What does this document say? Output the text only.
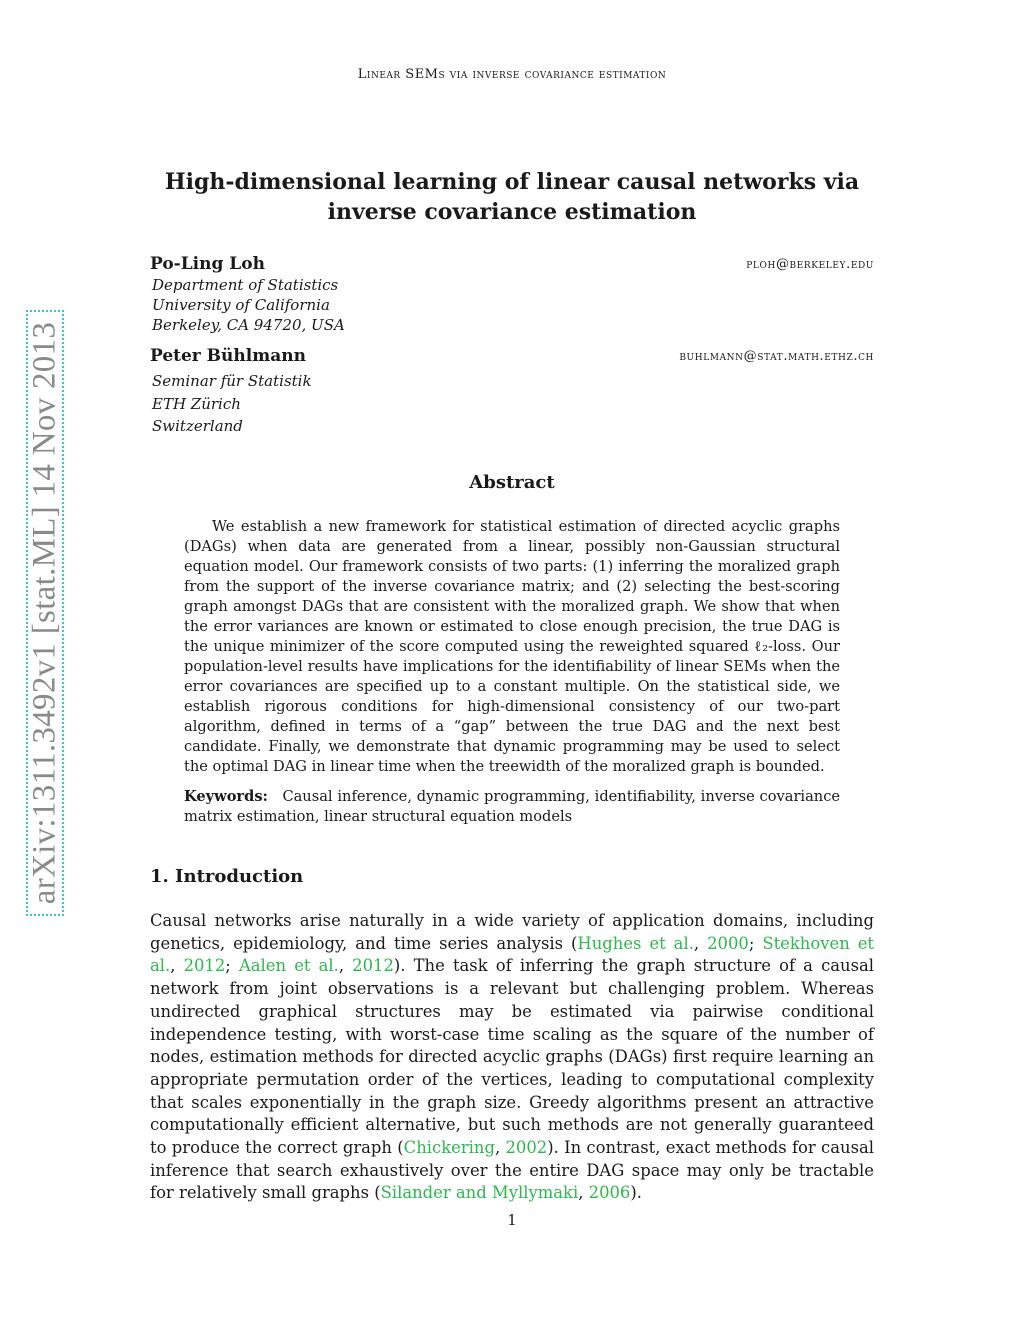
Linear SEMs via inverse covariance estimation
High-dimensional learning of linear causal networks via
inverse covariance estimation
Po-Ling Loh	ploh@berkeley.edu
Department of Statistics
University of California
Berkeley, CA 94720, USA
Peter Bühlmann	buhlmann@stat.math.ethz.ch
Seminar für Statistik
ETH Zürich
Switzerland
Abstract
We establish a new framework for statistical estimation of directed acyclic graphs (DAGs) when data are generated from a linear, possibly non-Gaussian structural equation model. Our framework consists of two parts: (1) inferring the moralized graph from the support of the inverse covariance matrix; and (2) selecting the best-scoring graph amongst DAGs that are consistent with the moralized graph. We show that when the error variances are known or estimated to close enough precision, the true DAG is the unique minimizer of the score computed using the reweighted squared ℓ₂-loss. Our population-level results have implications for the identifiability of linear SEMs when the error covariances are specified up to a constant multiple. On the statistical side, we establish rigorous conditions for high-dimensional consistency of our two-part algorithm, defined in terms of a “gap” between the true DAG and the next best candidate. Finally, we demonstrate that dynamic programming may be used to select the optimal DAG in linear time when the treewidth of the moralized graph is bounded.
Keywords: Causal inference, dynamic programming, identifiability, inverse covariance matrix estimation, linear structural equation models
1. Introduction
Causal networks arise naturally in a wide variety of application domains, including genetics, epidemiology, and time series analysis (Hughes et al., 2000; Stekhoven et al., 2012; Aalen et al., 2012). The task of inferring the graph structure of a causal network from joint observations is a relevant but challenging problem. Whereas undirected graphical structures may be estimated via pairwise conditional independence testing, with worst-case time scaling as the square of the number of nodes, estimation methods for directed acyclic graphs (DAGs) first require learning an appropriate permutation order of the vertices, leading to computational complexity that scales exponentially in the graph size. Greedy algorithms present an attractive computationally efficient alternative, but such methods are not generally guaranteed to produce the correct graph (Chickering, 2002). In contrast, exact methods for causal inference that search exhaustively over the entire DAG space may only be tractable for relatively small graphs (Silander and Myllymaki, 2006).
1
arXiv:1311.3492v1 [stat.ML] 14 Nov 2013
